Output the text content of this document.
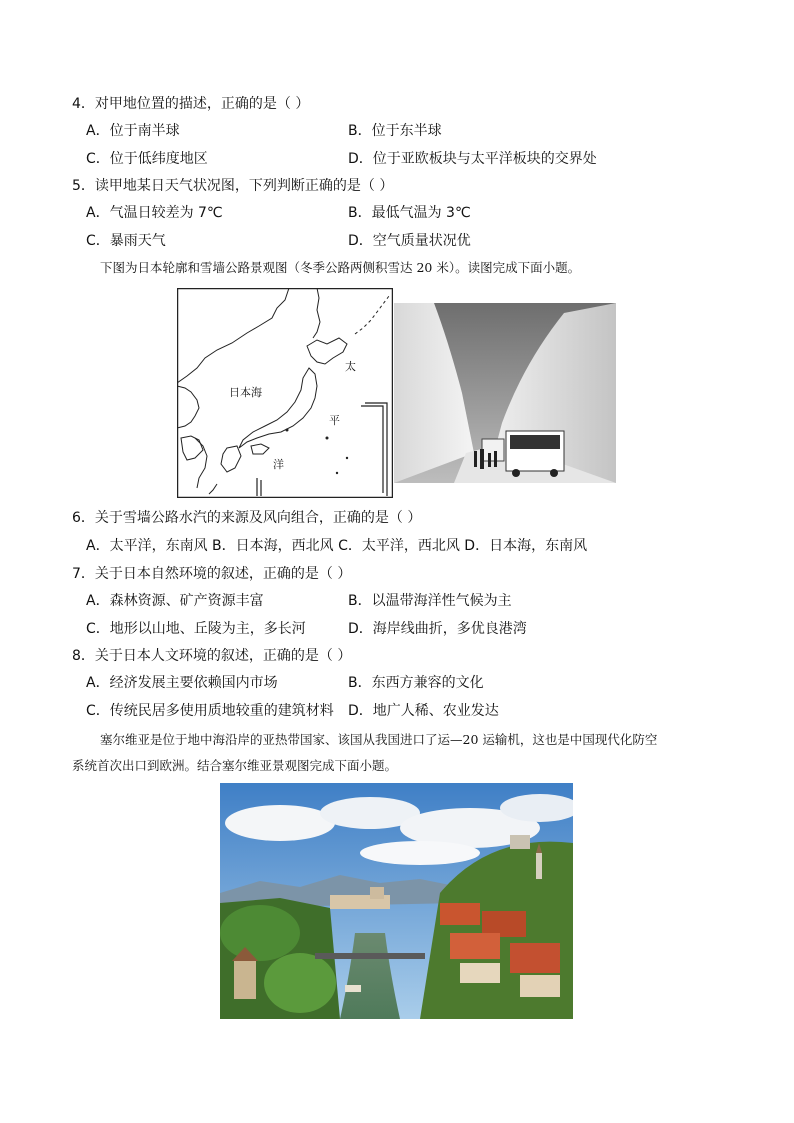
4．对甲地位置的描述，正确的是（ ）
A．位于南半球	B．位于东半球
C．位于低纬度地区	D．位于亚欧板块与太平洋板块的交界处
5．读甲地某日天气状况图，下列判断正确的是（ ）
A．气温日较差为 7℃	B．最低气温为 3℃
C．暴雨天气	D．空气质量状况优
下图为日本轮廓和雪墙公路景观图（冬季公路两侧积雪达 20 米）。读图完成下面小题。
日本海
太
平
洋
6．关于雪墙公路水汽的来源及风向组合，正确的是（ ）
A．太平洋，东南风 B．日本海，西北风 C．太平洋，西北风 D．日本海，东南风
7．关于日本自然环境的叙述，正确的是（ ）
A．森林资源、矿产资源丰富	B．以温带海洋性气候为主
C．地形以山地、丘陵为主，多长河	D．海岸线曲折，多优良港湾
8．关于日本人文环境的叙述，正确的是（ ）
A．经济发展主要依赖国内市场	B．东西方兼容的文化
C．传统民居多使用质地较重的建筑材料 D．地广人稀、农业发达
塞尔维亚是位于地中海沿岸的亚热带国家、该国从我国进口了运—20 运输机，这也是中国现代化防空
系统首次出口到欧洲。结合塞尔维亚景观图完成下面小题。
